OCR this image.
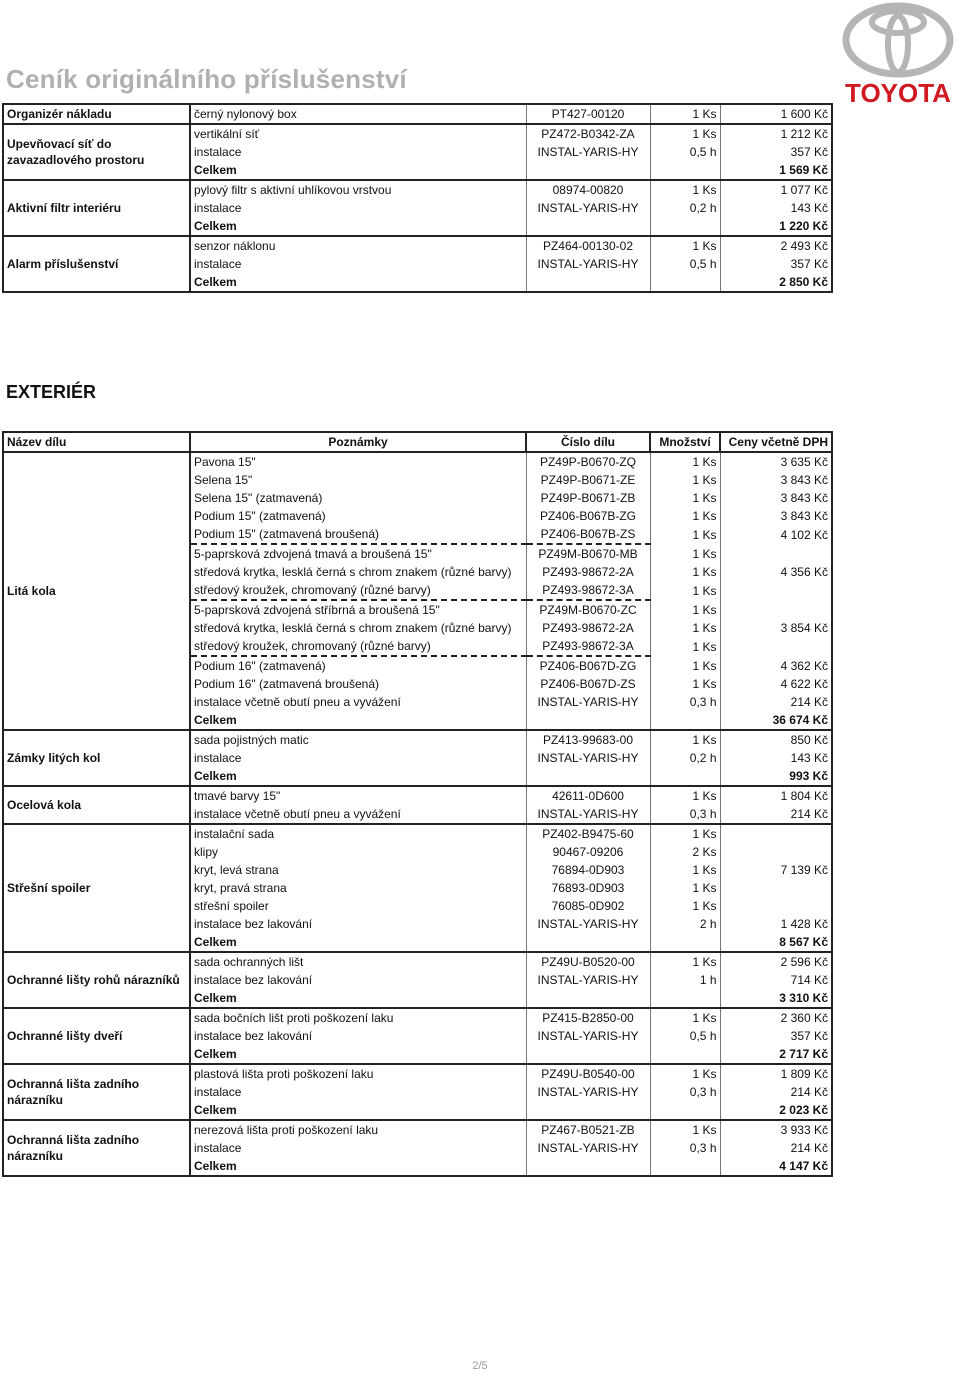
Ceník originálního příslušenství	TOYOTA
Organizér nákladu	černý nylonový box	PT427-00120	1 Ks	1 600 Kč
Upevňovací síť do zavazadlového prostoru	vertikální síť	PZ472-B0342-ZA	1 Ks	1 212 Kč
	instalace	INSTAL-YARIS-HY	0,5 h	357 Kč
	Celkem			1 569 Kč
Aktivní filtr interiéru	pylový filtr s aktivní uhlíkovou vrstvou	08974-00820	1 Ks	1 077 Kč
	instalace	INSTAL-YARIS-HY	0,2 h	143 Kč
	Celkem			1 220 Kč
Alarm příslušenství	senzor náklonu	PZ464-00130-02	1 Ks	2 493 Kč
	instalace	INSTAL-YARIS-HY	0,5 h	357 Kč
	Celkem			2 850 Kč
EXTERIÉR
Název dílu	Poznámky	Číslo dílu	Množství	Ceny včetně DPH
Litá kola	Pavona 15"	PZ49P-B0670-ZQ	1 Ks	3 635 Kč
	Selena 15"	PZ49P-B0671-ZE	1 Ks	3 843 Kč
	Selena 15" (zatmavená)	PZ49P-B0671-ZB	1 Ks	3 843 Kč
	Podium 15" (zatmavená)	PZ406-B067B-ZG	1 Ks	3 843 Kč
	Podium 15" (zatmavená broušená)	PZ406-B067B-ZS	1 Ks	4 102 Kč
	5-paprsková zdvojená tmavá a broušená 15"	PZ49M-B0670-MB	1 Ks	4 356 Kč
	středová krytka, lesklá černá s chrom znakem (různé barvy)	PZ493-98672-2A	1 Ks	
	středový kroužek, chromovaný (různé barvy)	PZ493-98672-3A	1 Ks	
	5-paprsková zdvojená stříbrná a broušená 15"	PZ49M-B0670-ZC	1 Ks	3 854 Kč
	středová krytka, lesklá černá s chrom znakem (různé barvy)	PZ493-98672-2A	1 Ks	
	středový kroužek, chromovaný (různé barvy)	PZ493-98672-3A	1 Ks	
	Podium 16" (zatmavená)	PZ406-B067D-ZG	1 Ks	4 362 Kč
	Podium 16" (zatmavená broušená)	PZ406-B067D-ZS	1 Ks	4 622 Kč
	instalace včetně obutí pneu a vyvážení	INSTAL-YARIS-HY	0,3 h	214 Kč
	Celkem			36 674 Kč
Zámky litých kol	sada pojistných matic	PZ413-99683-00	1 Ks	850 Kč
	instalace	INSTAL-YARIS-HY	0,2 h	143 Kč
	Celkem			993 Kč
Ocelová kola	tmavé barvy 15"	42611-0D600	1 Ks	1 804 Kč
	instalace včetně obutí pneu a vyvážení	INSTAL-YARIS-HY	0,3 h	214 Kč
Střešní spoiler	instalační sada	PZ402-B9475-60	1 Ks	7 139 Kč
	klipy	90467-09206	2 Ks	
	kryt, levá strana	76894-0D903	1 Ks	
	kryt, pravá strana	76893-0D903	1 Ks	
	střešní spoiler	76085-0D902	1 Ks	
	instalace bez lakování	INSTAL-YARIS-HY	2 h	1 428 Kč
	Celkem			8 567 Kč
Ochranné lišty rohů nárazníků	sada ochranných lišt	PZ49U-B0520-00	1 Ks	2 596 Kč
	instalace bez lakování	INSTAL-YARIS-HY	1 h	714 Kč
	Celkem			3 310 Kč
Ochranné lišty dveří	sada bočních lišt proti poškození laku	PZ415-B2850-00	1 Ks	2 360 Kč
	instalace bez lakování	INSTAL-YARIS-HY	0,5 h	357 Kč
	Celkem			2 717 Kč
Ochranná lišta zadního nárazníku	plastová lišta proti poškození laku	PZ49U-B0540-00	1 Ks	1 809 Kč
	instalace	INSTAL-YARIS-HY	0,3 h	214 Kč
	Celkem			2 023 Kč
Ochranná lišta zadního nárazníku	nerezová lišta proti poškození laku	PZ467-B0521-ZB	1 Ks	3 933 Kč
	instalace	INSTAL-YARIS-HY	0,3 h	214 Kč
	Celkem			4 147 Kč
2/5
